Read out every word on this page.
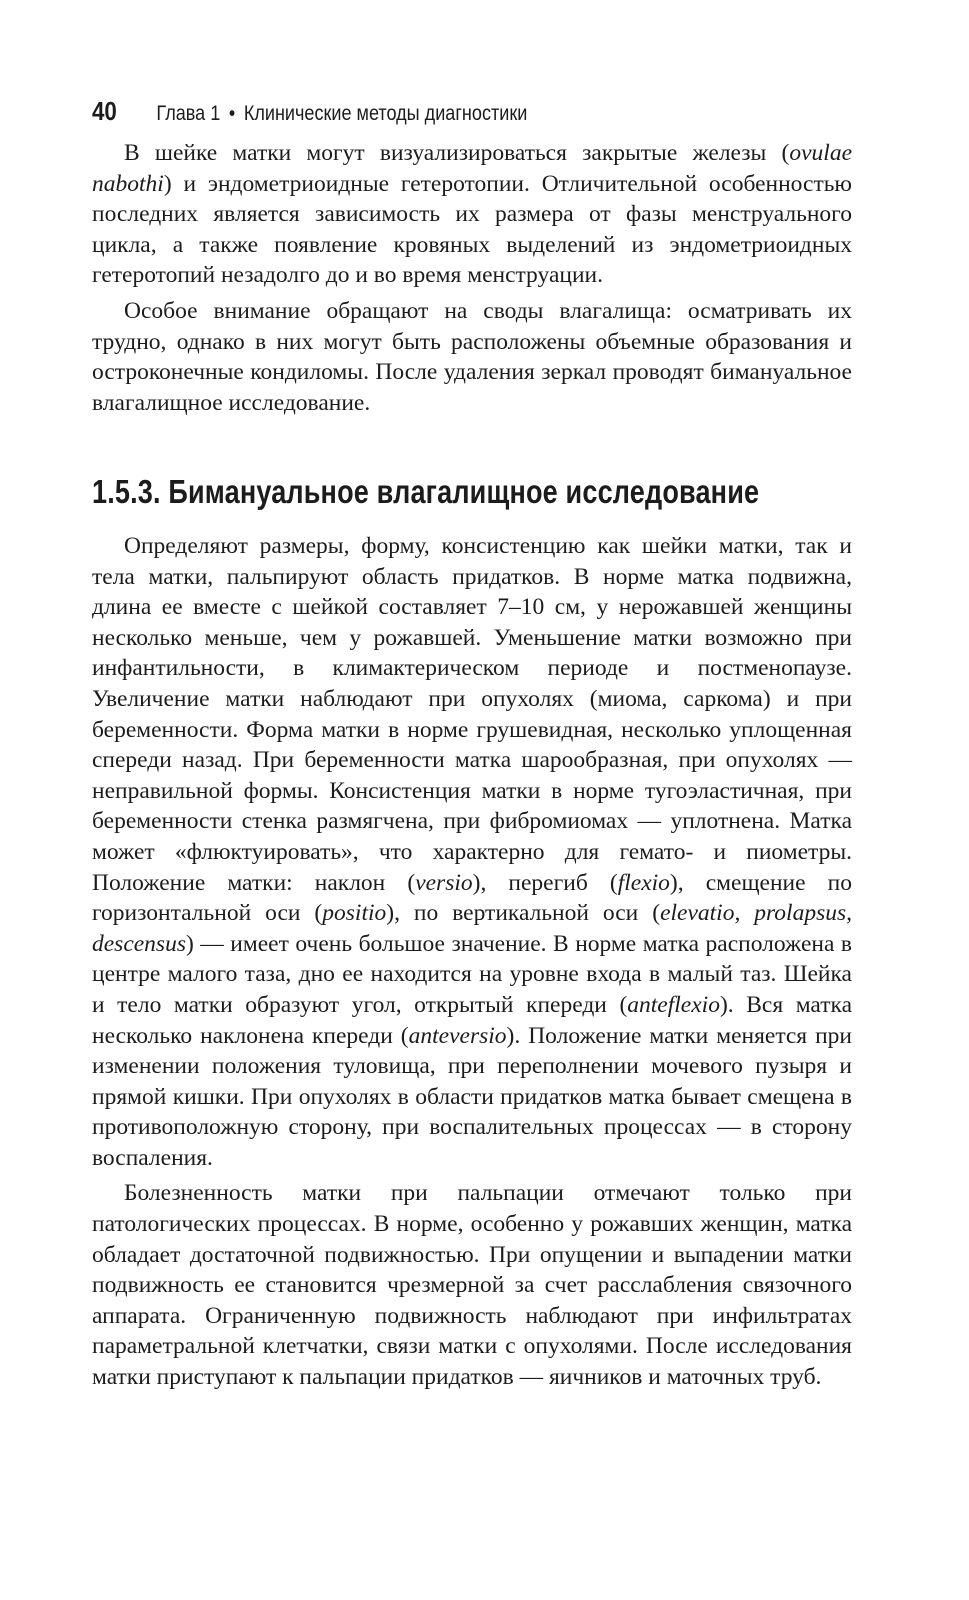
40 Глава 1 • Клинические методы диагностики

В шейке матки могут визуализироваться закрытые железы (ovulae nabothi) и эндометриоидные гетеротопии. Отличительной особенностью последних является зависимость их размера от фазы менструального цикла, а также появление кровяных выделений из эндометриоидных гетеротопий незадолго до и во время менструации.

Особое внимание обращают на своды влагалища: осматривать их трудно, однако в них могут быть расположены объемные образования и остроконечные кондиломы. После удаления зеркал проводят бимануальное влагалищное исследование.

1.5.3. Бимануальное влагалищное исследование

Определяют размеры, форму, консистенцию как шейки матки, так и тела матки, пальпируют область придатков. В норме матка подвижна, длина ее вместе с шейкой составляет 7–10 см, у нерожавшей женщины несколько меньше, чем у рожавшей. Уменьшение матки возможно при инфантильности, в климактерическом периоде и постменопаузе. Увеличение матки наблюдают при опухолях (миома, саркома) и при беременности. Форма матки в норме грушевидная, несколько уплощенная спереди назад. При беременности матка шарообразная, при опухолях — неправильной формы. Консистенция матки в норме тугоэластичная, при беременности стенка размягчена, при фибромиомах — уплотнена. Матка может «флюктуировать», что характерно для гемато- и пиометры. Положение матки: наклон (versio), перегиб (flexio), смещение по горизонтальной оси (positio), по вертикальной оси (elevatio, prolapsus, descensus) — имеет очень большое значение. В норме матка расположена в центре малого таза, дно ее находится на уровне входа в малый таз. Шейка и тело матки образуют угол, открытый кпереди (anteflexio). Вся матка несколько наклонена кпереди (anteversio). Положение матки меняется при изменении положения туловища, при переполнении мочевого пузыря и прямой кишки. При опухолях в области придатков матка бывает смещена в противоположную сторону, при воспалительных процессах — в сторону воспаления.

Болезненность матки при пальпации отмечают только при патологических процессах. В норме, особенно у рожавших женщин, матка обладает достаточной подвижностью. При опущении и выпадении матки подвижность ее становится чрезмерной за счет расслабления связочного аппарата. Ограниченную подвижность наблюдают при инфильтратах параметральной клетчатки, связи матки с опухолями. После исследования матки приступают к пальпации придатков — яичников и маточных труб.
